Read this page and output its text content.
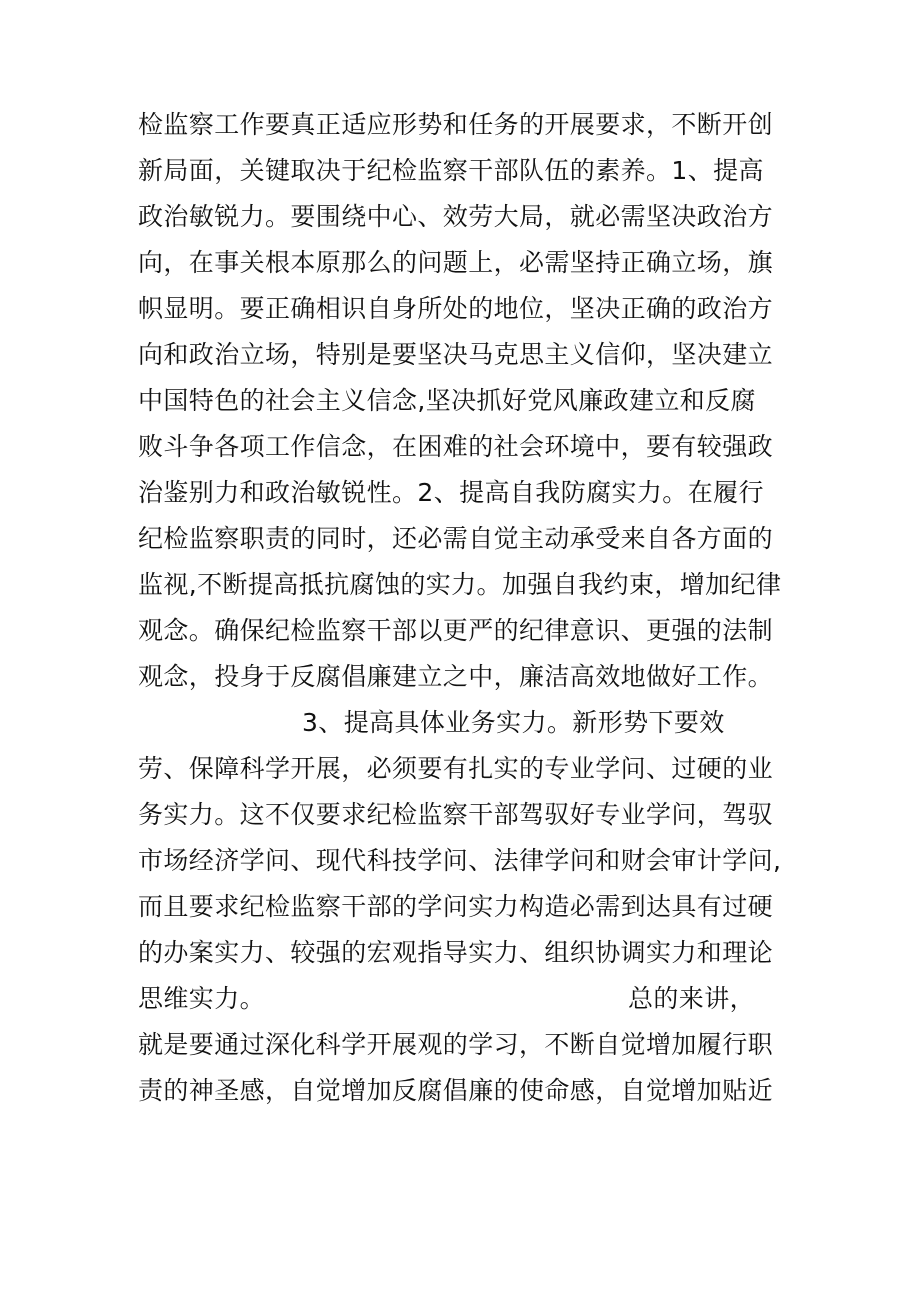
检监察工作要真正适应形势和任务的开展要求，不断开创
新局面，关键取决于纪检监察干部队伍的素养。1、提高
政治敏锐力。要围绕中心、效劳大局，就必需坚决政治方
向，在事关根本原那么的问题上，必需坚持正确立场，旗
帜显明。要正确相识自身所处的地位，坚决正确的政治方
向和政治立场，特别是要坚决马克思主义信仰，坚决建立
中国特色的社会主义信念,坚决抓好党风廉政建立和反腐
败斗争各项工作信念，在困难的社会环境中，要有较强政
治鉴别力和政治敏锐性。2、提高自我防腐实力。在履行
纪检监察职责的同时，还必需自觉主动承受来自各方面的
监视,不断提高抵抗腐蚀的实力。加强自我约束，增加纪律
观念。确保纪检监察干部以更严的纪律意识、更强的法制
观念，投身于反腐倡廉建立之中，廉洁高效地做好工作。
3、提高具体业务实力。新形势下要效
劳、保障科学开展，必须要有扎实的专业学问、过硬的业
务实力。这不仅要求纪检监察干部驾驭好专业学问，驾驭
市场经济学问、现代科技学问、法律学问和财会审计学问,
而且要求纪检监察干部的学问实力构造必需到达具有过硬
的办案实力、较强的宏观指导实力、组织协调实力和理论
思维实力。	总的来讲，
就是要通过深化科学开展观的学习，不断自觉增加履行职
责的神圣感，自觉增加反腐倡廉的使命感，自觉增加贴近
